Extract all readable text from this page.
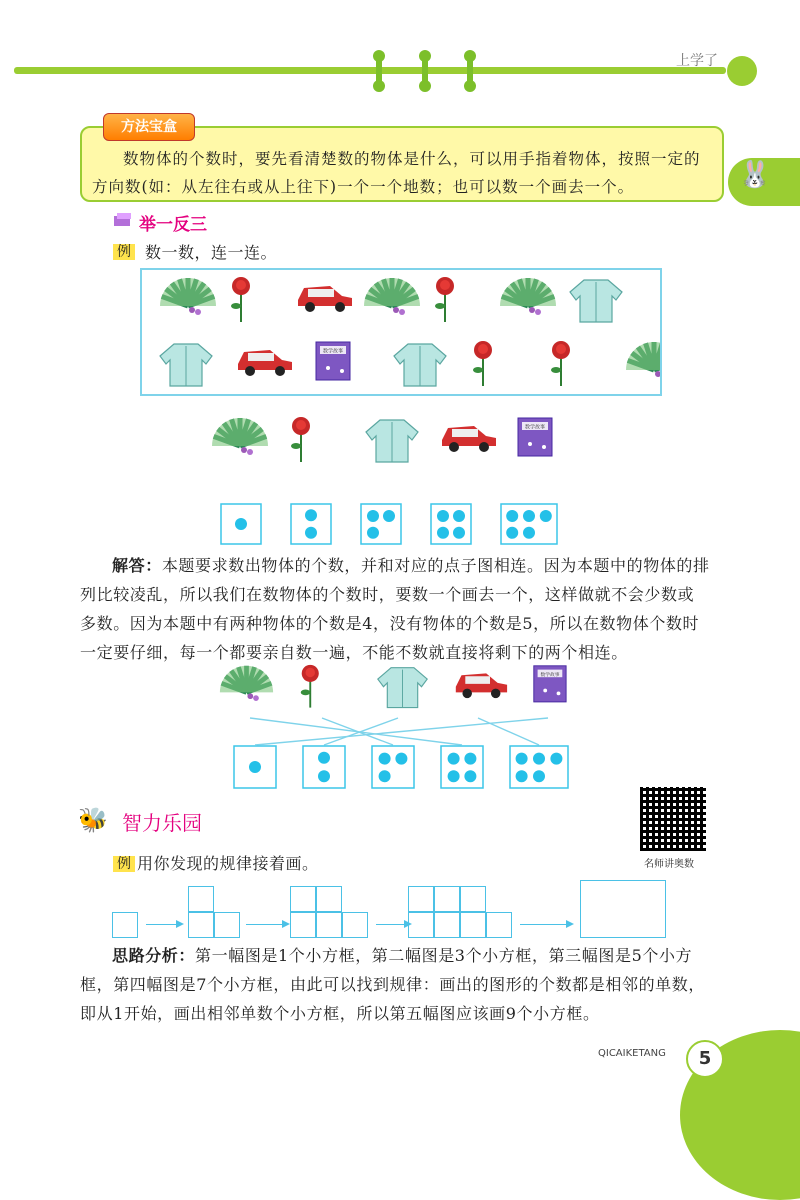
上学了
🐰
方法宝盒
数物体的个数时，要先看清楚数的物体是什么，可以用手指着物体，按照一定的方向数(如：从左往右或从上往下)一个一个地数；也可以数一个画去一个。
举一反三
例 数一数，连一连。
数学故事
数学故事
解答：本题要求数出物体的个数，并和对应的点子图相连。因为本题中的物体的排列比较凌乱，所以我们在数物体的个数时，要数一个画去一个，这样做就不会少数或多数。因为本题中有两种物体的个数是4，没有物体的个数是5，所以在数物体个数时一定要仔细，每一个都要亲自数一遍，不能不数就直接将剩下的两个相连。
数学故事
🐝 智力乐园
名师讲奥数
例 用你发现的规律接着画。
思路分析：第一幅图是1个小方框，第二幅图是3个小方框，第三幅图是5个小方框，第四幅图是7个小方框，由此可以找到规律：画出的图形的个数都是相邻的单数，即从1开始，画出相邻单数个小方框，所以第五幅图应该画9个小方框。
QICAIKETANG	5
